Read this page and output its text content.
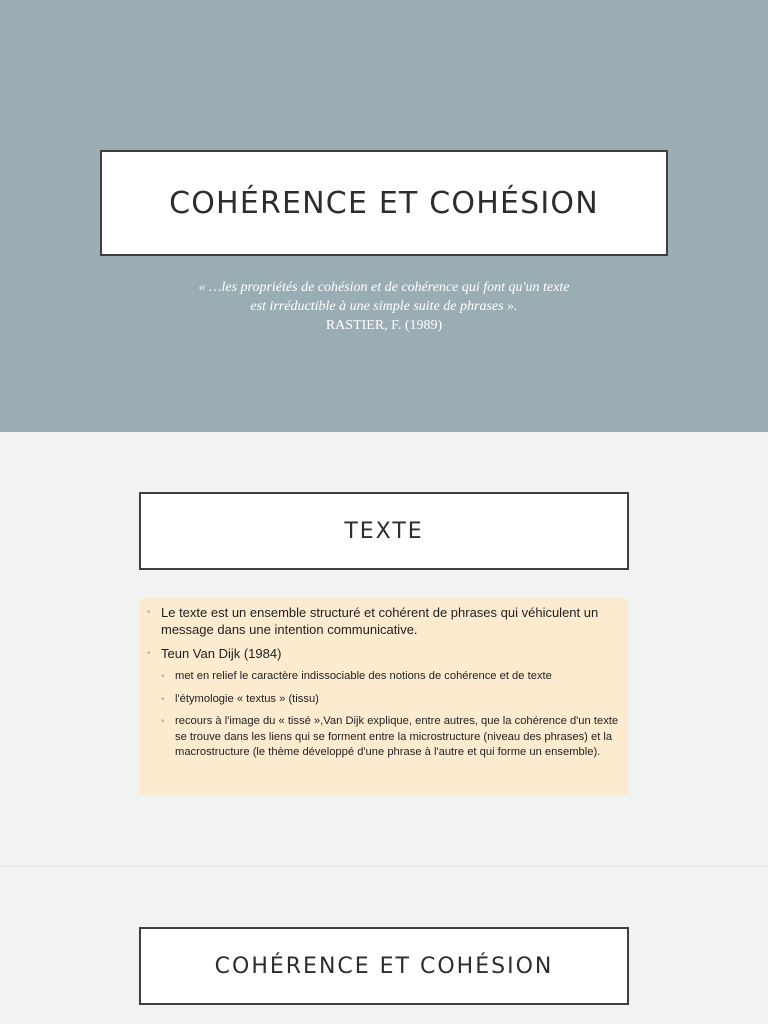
COHÉRENCE ET COHÉSION
« …les propriétés de cohésion et de cohérence qui font qu'un texte
est irréductible à une simple suite de phrases ».
RASTIER, F. (1989)
TEXTE
• Le texte est un ensemble structuré et cohérent de phrases qui véhiculent un message dans une intention communicative.
• Teun Van Dijk (1984)
• met en relief le caractère indissociable des notions de cohérence et de texte
• l'étymologie « textus » (tissu)
• recours à l'image du « tissé »,Van Dijk explique, entre autres, que la cohérence d'un texte se trouve dans les liens qui se forment entre la microstructure (niveau des phrases) et la macrostructure (le thème développé d'une phrase à l'autre et qui forme un ensemble).
COHÉRENCE ET COHÉSION
